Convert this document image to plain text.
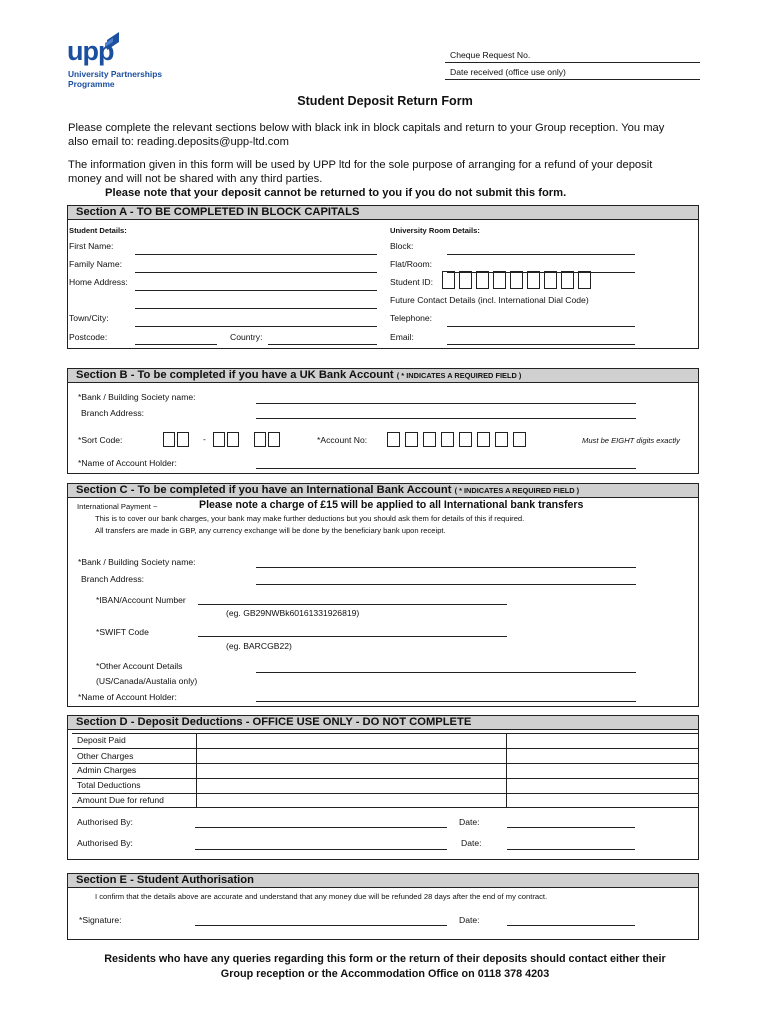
upp
University Partnerships
Programme
Cheque Request No.
Date received (office use only)
Student Deposit Return Form
Please complete the relevant sections below with black ink in block capitals and return to your Group reception. You may
also email to: reading.deposits@upp-ltd.com
The information given in this form will be used by UPP ltd for the sole purpose of arranging for a refund of your deposit
money and will not be shared with any third parties.
Please note that your deposit cannot be returned to you if you do not submit this form.
Section A - TO BE COMPLETED IN BLOCK CAPITALS
Student Details:	University Room Details:
First Name:
Family Name:
Home Address:
Town/City:
Postcode:	Country:
Block:
Flat/Room:
Student ID:
Future Contact Details (incl. International Dial Code)
Telephone:
Email:
Section B - To be completed if you have a UK Bank Account ( * INDICATES A REQUIRED FIELD )
*Bank / Building Society name:
Branch Address:
*Sort Code:	-	*Account No:	Must be EIGHT digits exactly
*Name of Account Holder:
Section C - To be completed if you have an International Bank Account ( * INDICATES A REQUIRED FIELD )
International Payment ~	Please note a charge of £15 will be applied to all International bank transfers
This is to cover our bank charges, your bank may make further deductions but you should ask them for details of this if required.
All transfers are made in GBP, any currency exchange will be done by the beneficiary bank upon receipt.
*Bank / Building Society name:
Branch Address:
*IBAN/Account Number
(eg. GB29NWBk60161331926819)
*SWIFT Code
(eg. BARCGB22)
*Other Account Details
(US/Canada/Austalia only)
*Name of Account Holder:
Section D - Deposit Deductions - OFFICE USE ONLY - DO NOT COMPLETE
Deposit Paid
Other Charges
Admin Charges
Total Deductions
Amount Due for refund
Authorised By:	Date:
Authorised By:	Date:
Section E - Student Authorisation
I confirm that the details above are accurate and understand that any money due will be refunded 28 days after the end of my contract.
*Signature:	Date:
Residents who have any queries regarding this form or the return of their deposits should contact either their
Group reception or the Accommodation Office on 0118 378 4203
